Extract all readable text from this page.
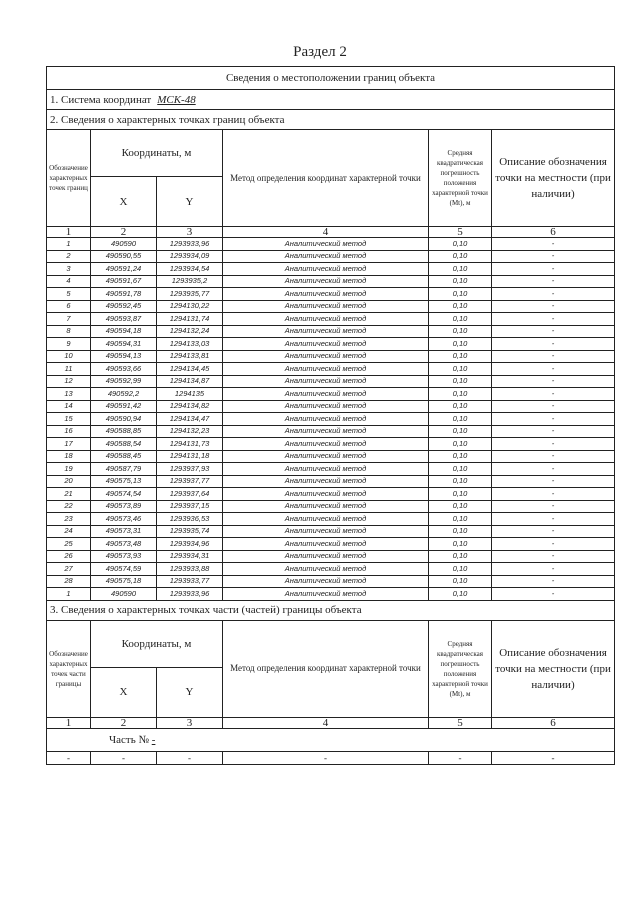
Раздел 2
Сведения о местоположении границ объекта					
1. Система координат МСК-48					
2. Сведения о характерных точках границ объекта					
Обозначение характерных точек границ	Координаты, м		Метод определения координат характерной точки	Средняя квадратическая погрешность положения характерной точки (Mt), м	Описание обозначения точки на местности (при наличии)
	X	Y			
1	2	3	4	5	6
1	490590	1293933,96	Аналитический метод	0,10	-
2	490590,55	1293934,09	Аналитический метод	0,10	-
3	490591,24	1293934,54	Аналитический метод	0,10	-
4	490591,67	1293935,2	Аналитический метод	0,10	-
5	490591,78	1293935,77	Аналитический метод	0,10	-
6	490592,45	1294130,22	Аналитический метод	0,10	-
7	490593,87	1294131,74	Аналитический метод	0,10	-
8	490594,18	1294132,24	Аналитический метод	0,10	-
9	490594,31	1294133,03	Аналитический метод	0,10	-
10	490594,13	1294133,81	Аналитический метод	0,10	-
11	490593,66	1294134,45	Аналитический метод	0,10	-
12	490592,99	1294134,87	Аналитический метод	0,10	-
13	490592,2	1294135	Аналитический метод	0,10	-
14	490591,42	1294134,82	Аналитический метод	0,10	-
15	490590,94	1294134,47	Аналитический метод	0,10	-
16	490588,85	1294132,23	Аналитический метод	0,10	-
17	490588,54	1294131,73	Аналитический метод	0,10	-
18	490588,45	1294131,18	Аналитический метод	0,10	-
19	490587,79	1293937,93	Аналитический метод	0,10	-
20	490575,13	1293937,77	Аналитический метод	0,10	-
21	490574,54	1293937,64	Аналитический метод	0,10	-
22	490573,89	1293937,15	Аналитический метод	0,10	-
23	490573,46	1293936,53	Аналитический метод	0,10	-
24	490573,31	1293935,74	Аналитический метод	0,10	-
25	490573,48	1293934,96	Аналитический метод	0,10	-
26	490573,93	1293934,31	Аналитический метод	0,10	-
27	490574,59	1293933,88	Аналитический метод	0,10	-
28	490575,18	1293933,77	Аналитический метод	0,10	-
1	490590	1293933,96	Аналитический метод	0,10	-
3. Сведения о характерных точках части (частей) границы объекта					
Обозначение характерных точек части границы	Координаты, м		Метод определения координат характерной точки	Средняя квадратическая погрешность положения характерной точки (Mt), м	Описание обозначения точки на местности (при наличии)
	X	Y			
1	2	3	4	5	6
Часть № -					
-	-	-	-	-	-
